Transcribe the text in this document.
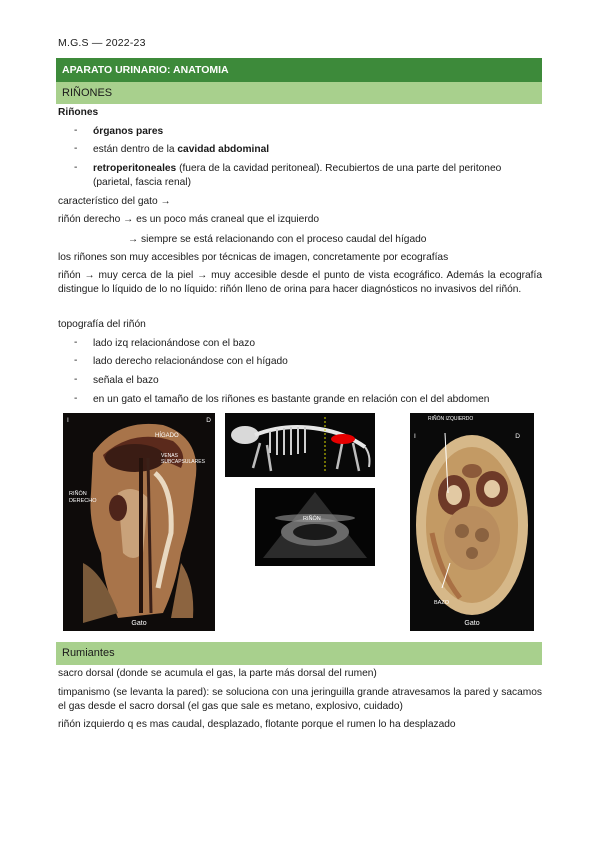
M.G.S — 2022-23
APARATO URINARIO: ANATOMIA
RIÑONES
Riñones
- órganos pares
- están dentro de la cavidad abdominal
- retroperitoneales (fuera de la cavidad peritoneal). Recubiertos de una parte del peritoneo (parietal, fascia renal)
característico del gato →
riñón derecho → es un poco más craneal que el izquierdo
→ siempre se está relacionando con el proceso caudal del hígado
los riñones son muy accesibles por técnicas de imagen, concretamente por ecografías
riñón → muy cerca de la piel → muy accesible desde el punto de vista ecográfico. Además la ecografía distingue lo líquido de lo no líquido: riñón lleno de orina para hacer diagnósticos no invasivos del riñón.
topografía del riñón
- lado izq relacionándose con el bazo
- lado derecho relacionándose con el hígado
- señala el bazo
- en un gato el tamaño de los riñones es bastante grande en relación con el del abdomen
I	D
HÍGADO
VENAS SUBCAPSULARES
RIÑÓN DERECHO
Gato
RIÑÓN
I	D
RIÑÓN IZQUIERDO
BAZO
Gato
Rumiantes
sacro dorsal (donde se acumula el gas, la parte más dorsal del rumen)
timpanismo (se levanta la pared): se soluciona con una jeringuilla grande atravesamos la pared y sacamos el gas desde el sacro dorsal (el gas que sale es metano, explosivo, cuidado)
riñón izquierdo q es mas caudal, desplazado, flotante porque el rumen lo ha desplazado
